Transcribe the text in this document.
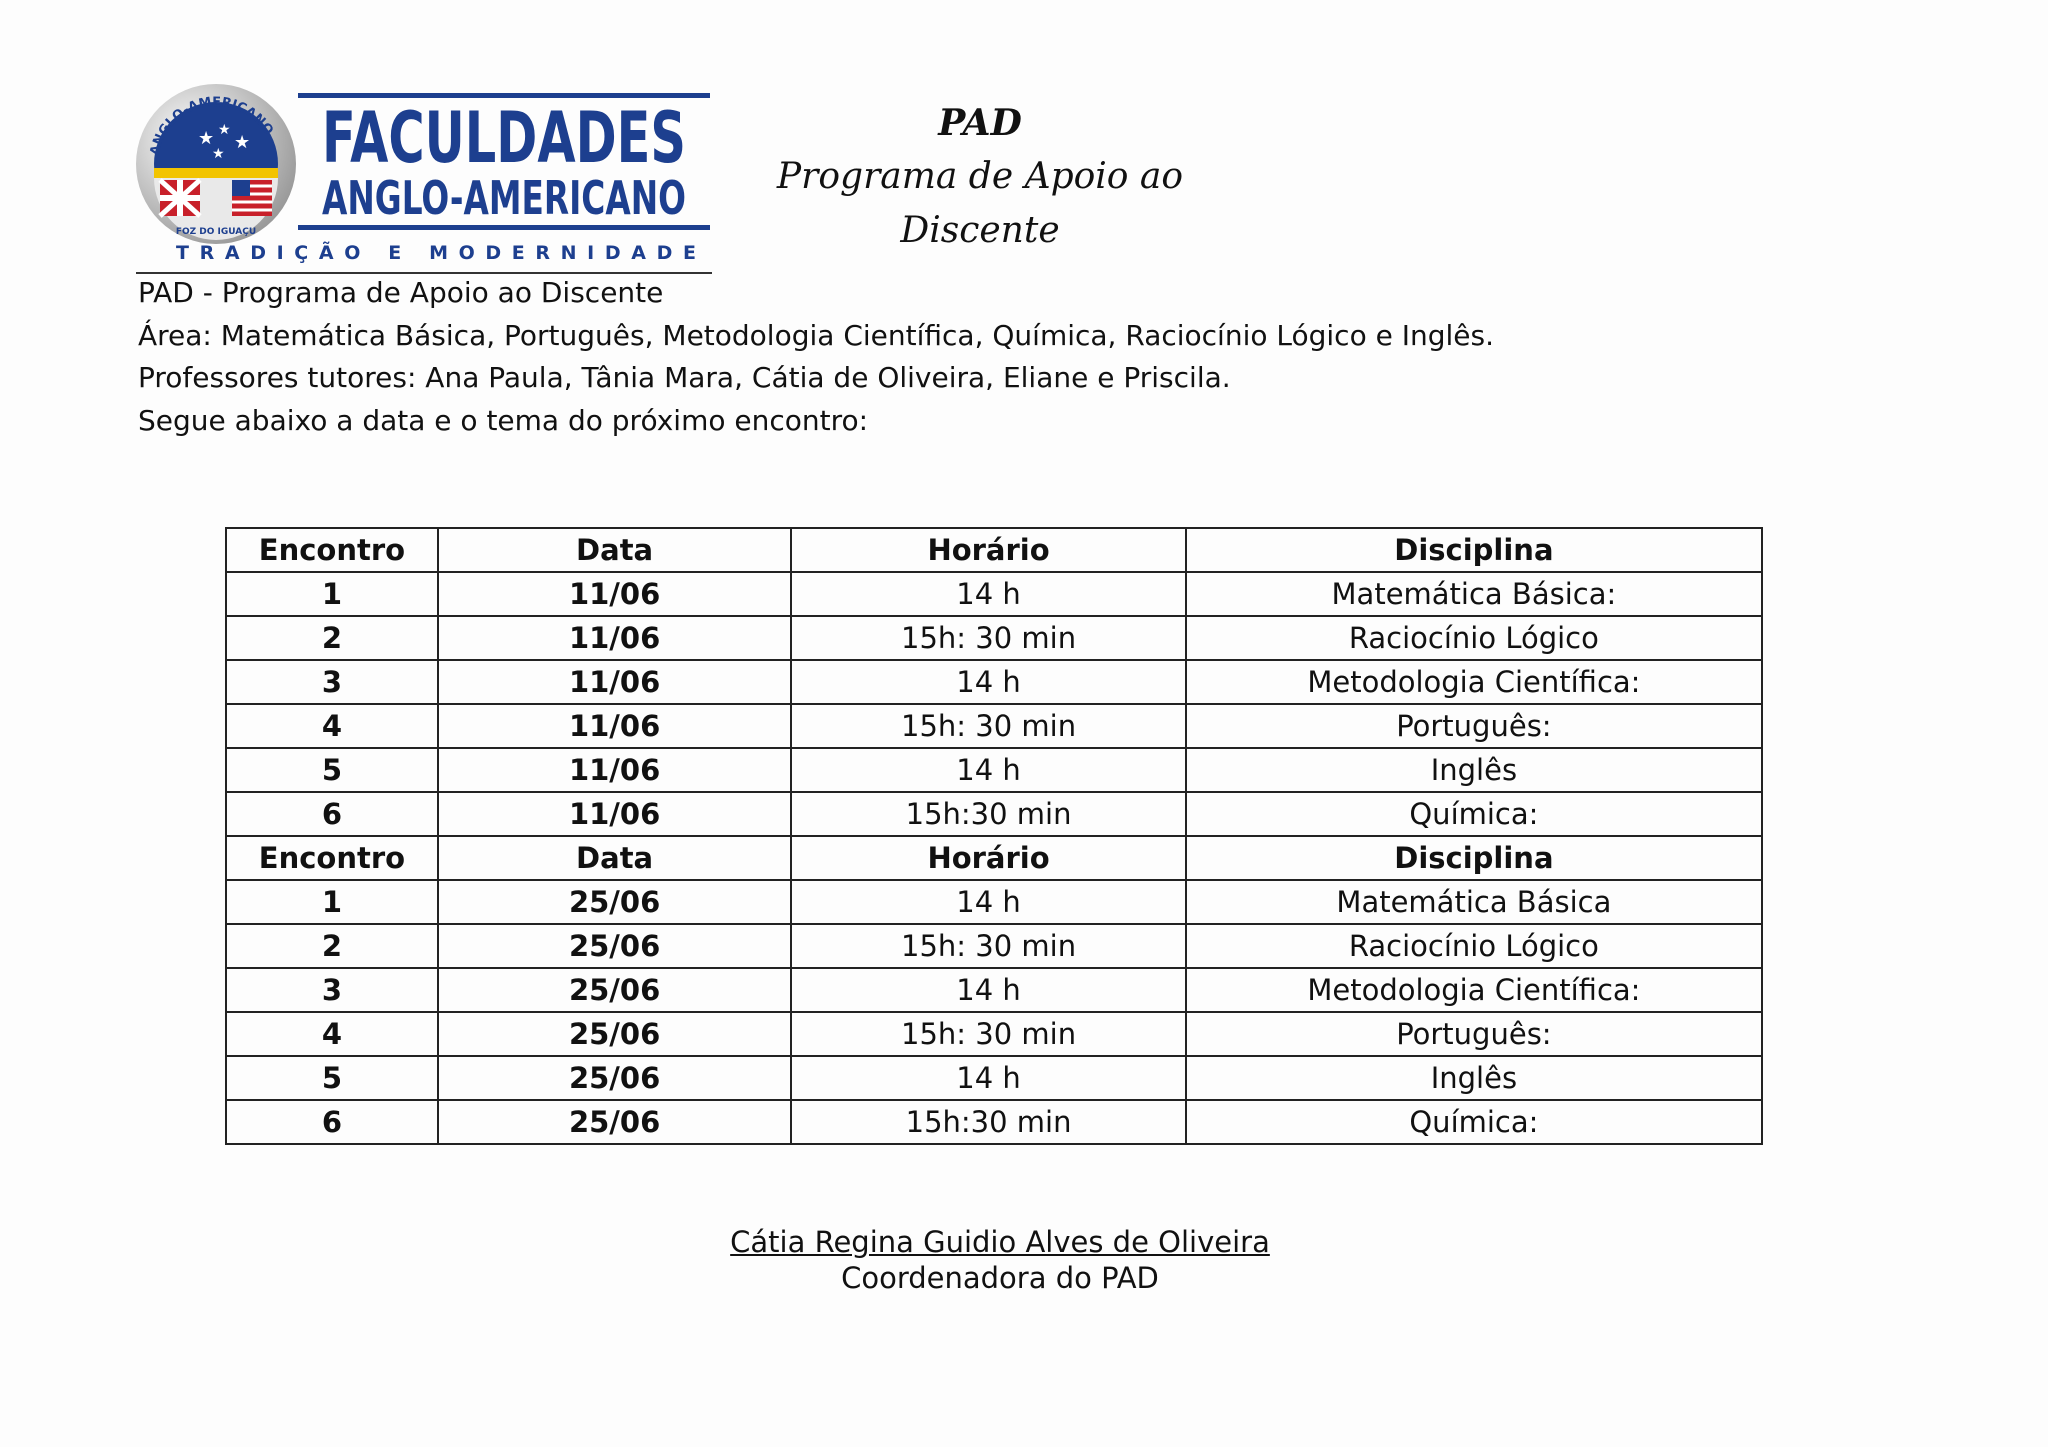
★ ★
★
★
ANGLO-AMERICANO
FOZ DO IGUAÇU
FACULDADES
ANGLO-AMERICANO
TRADIÇÃO E MODERNIDADE
PAD
Programa de Apoio ao
Discente
PAD - Programa de Apoio ao Discente
Área: Matemática Básica, Português, Metodologia Científica, Química, Raciocínio Lógico e Inglês.
Professores tutores: Ana Paula, Tânia Mara, Cátia de Oliveira, Eliane e Priscila.
Segue abaixo a data e o tema do próximo encontro:
Encontro	Data	Horário	Disciplina
1	11/06	14 h	Matemática Básica:
2	11/06	15h: 30 min	Raciocínio Lógico
3	11/06	14 h	Metodologia Científica:
4	11/06	15h: 30 min	Português:
5	11/06	14 h	Inglês
6	11/06	15h:30 min	Química:
Encontro	Data	Horário	Disciplina
1	25/06	14 h	Matemática Básica
2	25/06	15h: 30 min	Raciocínio Lógico
3	25/06	14 h	Metodologia Científica:
4	25/06	15h: 30 min	Português:
5	25/06	14 h	Inglês
6	25/06	15h:30 min	Química:
Cátia Regina Guidio Alves de Oliveira
Coordenadora do PAD
